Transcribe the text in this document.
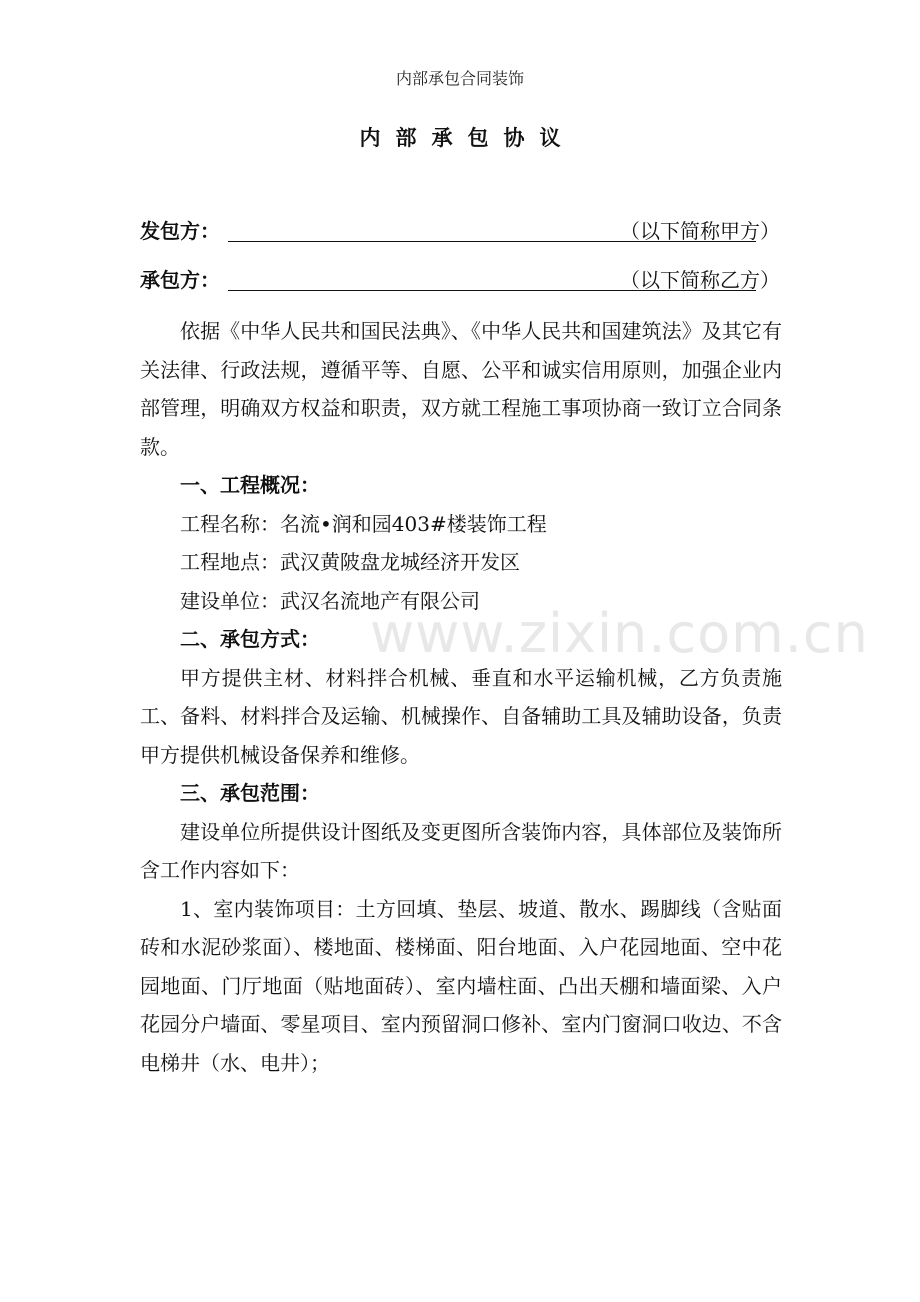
内部承包合同装饰
内部承包协议
发包方：	（以下简称甲方）
承包方：	（以下简称乙方）

依据《中华人民共和国民法典》、《中华人民共和国建筑法》及其它有关法律、行政法规，遵循平等、自愿、公平和诚实信用原则，加强企业内部管理，明确双方权益和职责，双方就工程施工事项协商一致订立合同条款。

一、工程概况：

工程名称：名流•润和园403#楼装饰工程

工程地点：武汉黄陂盘龙城经济开发区

建设单位：武汉名流地产有限公司

二、承包方式：

甲方提供主材、材料拌合机械、垂直和水平运输机械，乙方负责施工、备料、材料拌合及运输、机械操作、自备辅助工具及辅助设备，负责甲方提供机械设备保养和维修。

三、承包范围：

建设单位所提供设计图纸及变更图所含装饰内容，具体部位及装饰所含工作内容如下：

1、室内装饰项目：土方回填、垫层、坡道、散水、踢脚线（含贴面砖和水泥砂浆面）、楼地面、楼梯面、阳台地面、入户花园地面、空中花园地面、门厅地面（贴地面砖）、室内墙柱面、凸出天棚和墙面梁、入户花园分户墙面、零星项目、室内预留洞口修补、室内门窗洞口收边、不含电梯井（水、电井）；

www.zixin.com.cn
